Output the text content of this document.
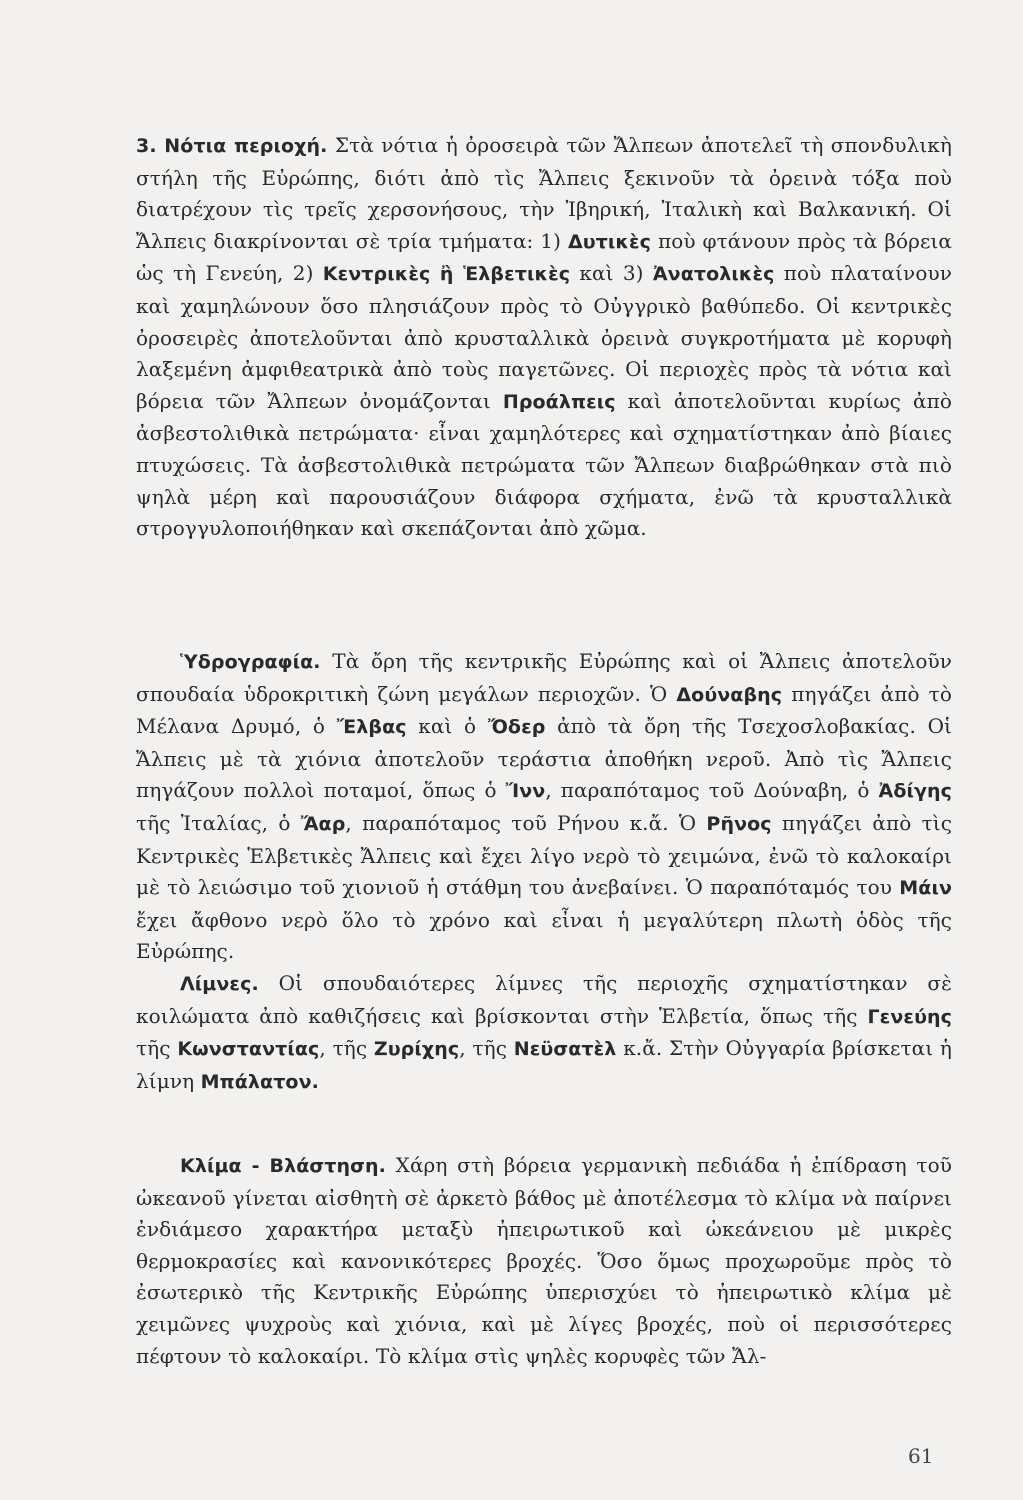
3. Νότια περιοχή. Στὰ νότια ἡ ὀροσειρὰ τῶν Ἄλπεων ἀποτελεῖ τὴ σπονδυλικὴ στήλη τῆς Εὐρώπης, διότι ἀπὸ τὶς Ἄλπεις ξεκινοῦν τὰ ὀρεινὰ τόξα ποὺ διατρέχουν τὶς τρεῖς χερσονήσους, τὴν Ἰβηρική, Ἰταλικὴ καὶ Βαλκανική. Οἱ Ἄλπεις διακρίνονται σὲ τρία τμήματα: 1) Δυτικὲς ποὺ φτάνουν πρὸς τὰ βόρεια ὡς τὴ Γενεύη, 2) Κεντρικὲς ἢ Ἑλβετικὲς καὶ 3) Ἀνατολικὲς ποὺ πλαταίνουν καὶ χαμηλώνουν ὅσο πλησιάζουν πρὸς τὸ Οὐγγρικὸ βαθύπεδο. Οἱ κεντρικὲς ὀροσειρὲς ἀποτελοῦνται ἀπὸ κρυσταλλικὰ ὀρεινὰ συγκροτήματα μὲ κορυφὴ λαξεμένη ἀμφιθεατρικὰ ἀπὸ τοὺς παγετῶνες. Οἱ περιοχὲς πρὸς τὰ νότια καὶ βόρεια τῶν Ἄλπεων ὀνομάζονται Προάλπεις καὶ ἀποτελοῦνται κυρίως ἀπὸ ἀσβεστολιθικὰ πετρώματα· εἶναι χαμηλότερες καὶ σχηματίστηκαν ἀπὸ βίαιες πτυχώσεις. Τὰ ἀσβεστολιθικὰ πετρώματα τῶν Ἄλπεων διαβρώθηκαν στὰ πιὸ ψηλὰ μέρη καὶ παρουσιάζουν διάφορα σχήματα, ἐνῶ τὰ κρυσταλλικὰ στρογγυλοποιήθηκαν καὶ σκεπάζονται ἀπὸ χῶμα.

Ὑδρογραφία. Τὰ ὄρη τῆς κεντρικῆς Εὐρώπης καὶ οἱ Ἄλπεις ἀποτελοῦν σπουδαία ὑδροκριτικὴ ζώνη μεγάλων περιοχῶν. Ὁ Δούναβης πηγάζει ἀπὸ τὸ Μέλανα Δρυμό, ὁ Ἔλβας καὶ ὁ Ὄδερ ἀπὸ τὰ ὄρη τῆς Τσεχοσλοβακίας. Οἱ Ἄλπεις μὲ τὰ χιόνια ἀποτελοῦν τεράστια ἀποθήκη νεροῦ. Ἀπὸ τὶς Ἄλπεις πηγάζουν πολλοὶ ποταμοί, ὅπως ὁ Ἴνν, παραπόταμος τοῦ Δούναβη, ὁ Ἀδίγης τῆς Ἰταλίας, ὁ Ἄαρ, παραπόταμος τοῦ Ρήνου κ.ἄ. Ὁ Ρῆνος πηγάζει ἀπὸ τὶς Κεντρικὲς Ἑλβετικὲς Ἄλπεις καὶ ἔχει λίγο νερὸ τὸ χειμώνα, ἐνῶ τὸ καλοκαίρι μὲ τὸ λειώσιμο τοῦ χιονιοῦ ἡ στάθμη του ἀνεβαίνει. Ὁ παραπόταμός του Μάιν ἔχει ἄφθονο νερὸ ὅλο τὸ χρόνο καὶ εἶναι ἡ μεγαλύτερη πλωτὴ ὁδὸς τῆς Εὐρώπης.

Λίμνες. Οἱ σπουδαιότερες λίμνες τῆς περιοχῆς σχηματίστηκαν σὲ κοιλώματα ἀπὸ καθιζήσεις καὶ βρίσκονται στὴν Ἑλβετία, ὅπως τῆς Γενεύης τῆς Κωνσταντίας, τῆς Ζυρίχης, τῆς Νεϋσατὲλ κ.ἄ. Στὴν Οὐγγαρία βρίσκεται ἡ λίμνη Μπάλατον.

Κλίμα - Βλάστηση. Χάρη στὴ βόρεια γερμανικὴ πεδιάδα ἡ ἐπίδραση τοῦ ὠκεανοῦ γίνεται αἰσθητὴ σὲ ἀρκετὸ βάθος μὲ ἀποτέλεσμα τὸ κλίμα νὰ παίρνει ἐνδιάμεσο χαρακτήρα μεταξὺ ἠπειρωτικοῦ καὶ ὠκεάνειου μὲ μικρὲς θερμοκρασίες καὶ κανονικότερες βροχές. Ὅσο ὅμως προχωροῦμε πρὸς τὸ ἐσωτερικὸ τῆς Κεντρικῆς Εὐρώπης ὑπερισχύει τὸ ἠπειρωτικὸ κλίμα μὲ χειμῶνες ψυχροὺς καὶ χιόνια, καὶ μὲ λίγες βροχές, ποὺ οἱ περισσότερες πέφτουν τὸ καλοκαίρι. Τὸ κλίμα στὶς ψηλὲς κορυφὲς τῶν Ἄλ-

61
